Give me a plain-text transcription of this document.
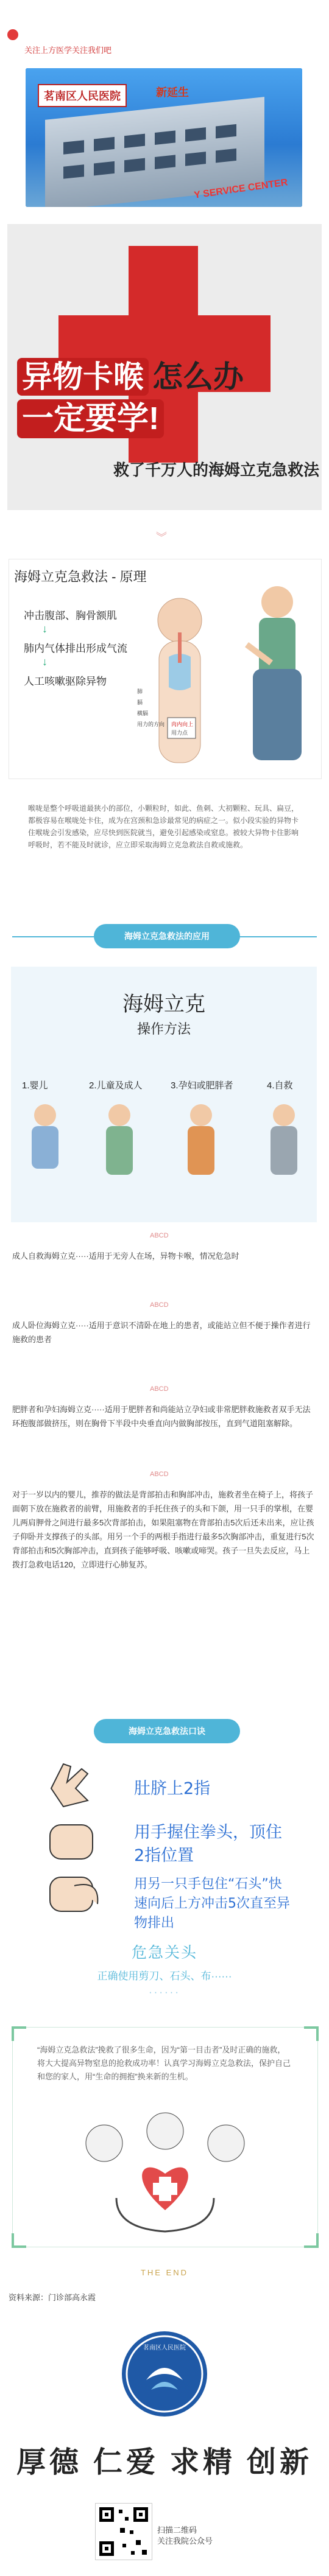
关注上方医学关注我们吧
茗南区人民医院	新延生
Y SERVICE CENTER
异物卡喉 怎么办
一定要学!
救了千万人的海姆立克急救法
︾
海姆立克急救法 - 原理
冲击腹部、胸骨额肌
↓
肺内气体排出形成气流
↓
人工咳嗽驱除异物
肉内向上
用力点
肺
膈
横膈
用力的方向
喉咙是整个呼吸道最狭小的部位，小颗粒时，如此、鱼刺、大初颗粒、玩具、扁豆，都极容易在喉咙处卡住，成为在宫颈和急诊最常见的病症之一。似小段实验的异物卡住喉咙会引发感染，应尽快到医院就当，避免引起感染或窒息。被较大异物卡住影响呼吸时，若不能及时就诊，应立即采取海姆立克急救法自救或施救。
海姆立克急救法的应用
海姆立克
操作方法
1.婴儿	2.儿童及成人	3.孕妇或肥胖者	4.自救
ABCD
成人自救海姆立克·····适用于无旁人在场，异物卡喉，情况危急时
ABCD
成人卧位海姆立克·····适用于意识不清卧在地上的患者，或能站立但不便于操作者进行施救的患者
ABCD
肥胖者和孕妇海姆立克·····适用于肥胖者和尚能站立孕妇或非常肥胖救施救者双手无法环抱腹部做挤压，则在胸骨下半段中央垂直向内做胸部按压，直到气道阻塞解除。
ABCD
对于一岁以内的婴儿，推荐的做法是背部拍击和胸部冲击，施救者坐在椅子上，将孩子面朝下放在施救者的前臂，用施救者的手托住孩子的头和下颌，用一只手的掌根，在婴儿两肩胛骨之间进行最多5次背部拍击，如果阻塞物在背部拍击5次后还未出来，应让孩子仰卧并支撑孩子的头部。用另一个手的两根手指进行最多5次胸部冲击，重复进行5次背部拍击和5次胸部冲击，直到孩子能够呼吸、咳嗽或啼哭。孩子一旦失去反应，马上拨打急救电话120，立即进行心肺复苏。
海姆立克急救法口诀
肚脐上2指
用手握住拳头，顶住2指位置
用另一只手包住“石头”快速向后上方冲击5次直至异物排出
危急关头
正确使用剪刀、石头、布······
······
“海姆立克急救法”挽救了很多生命，因为“第一目击者”及时正确的施救，将大大提高异物窒息的抢救成功率！认真学习海姆立克急救法，保护自己和您的家人，用“生命的拥抱”换来新的生机。
THE END
资料来源：门诊部高永霞
茗南区人民医院
厚德 仁爱 求精 创新
扫描二维码
关注我院公众号
